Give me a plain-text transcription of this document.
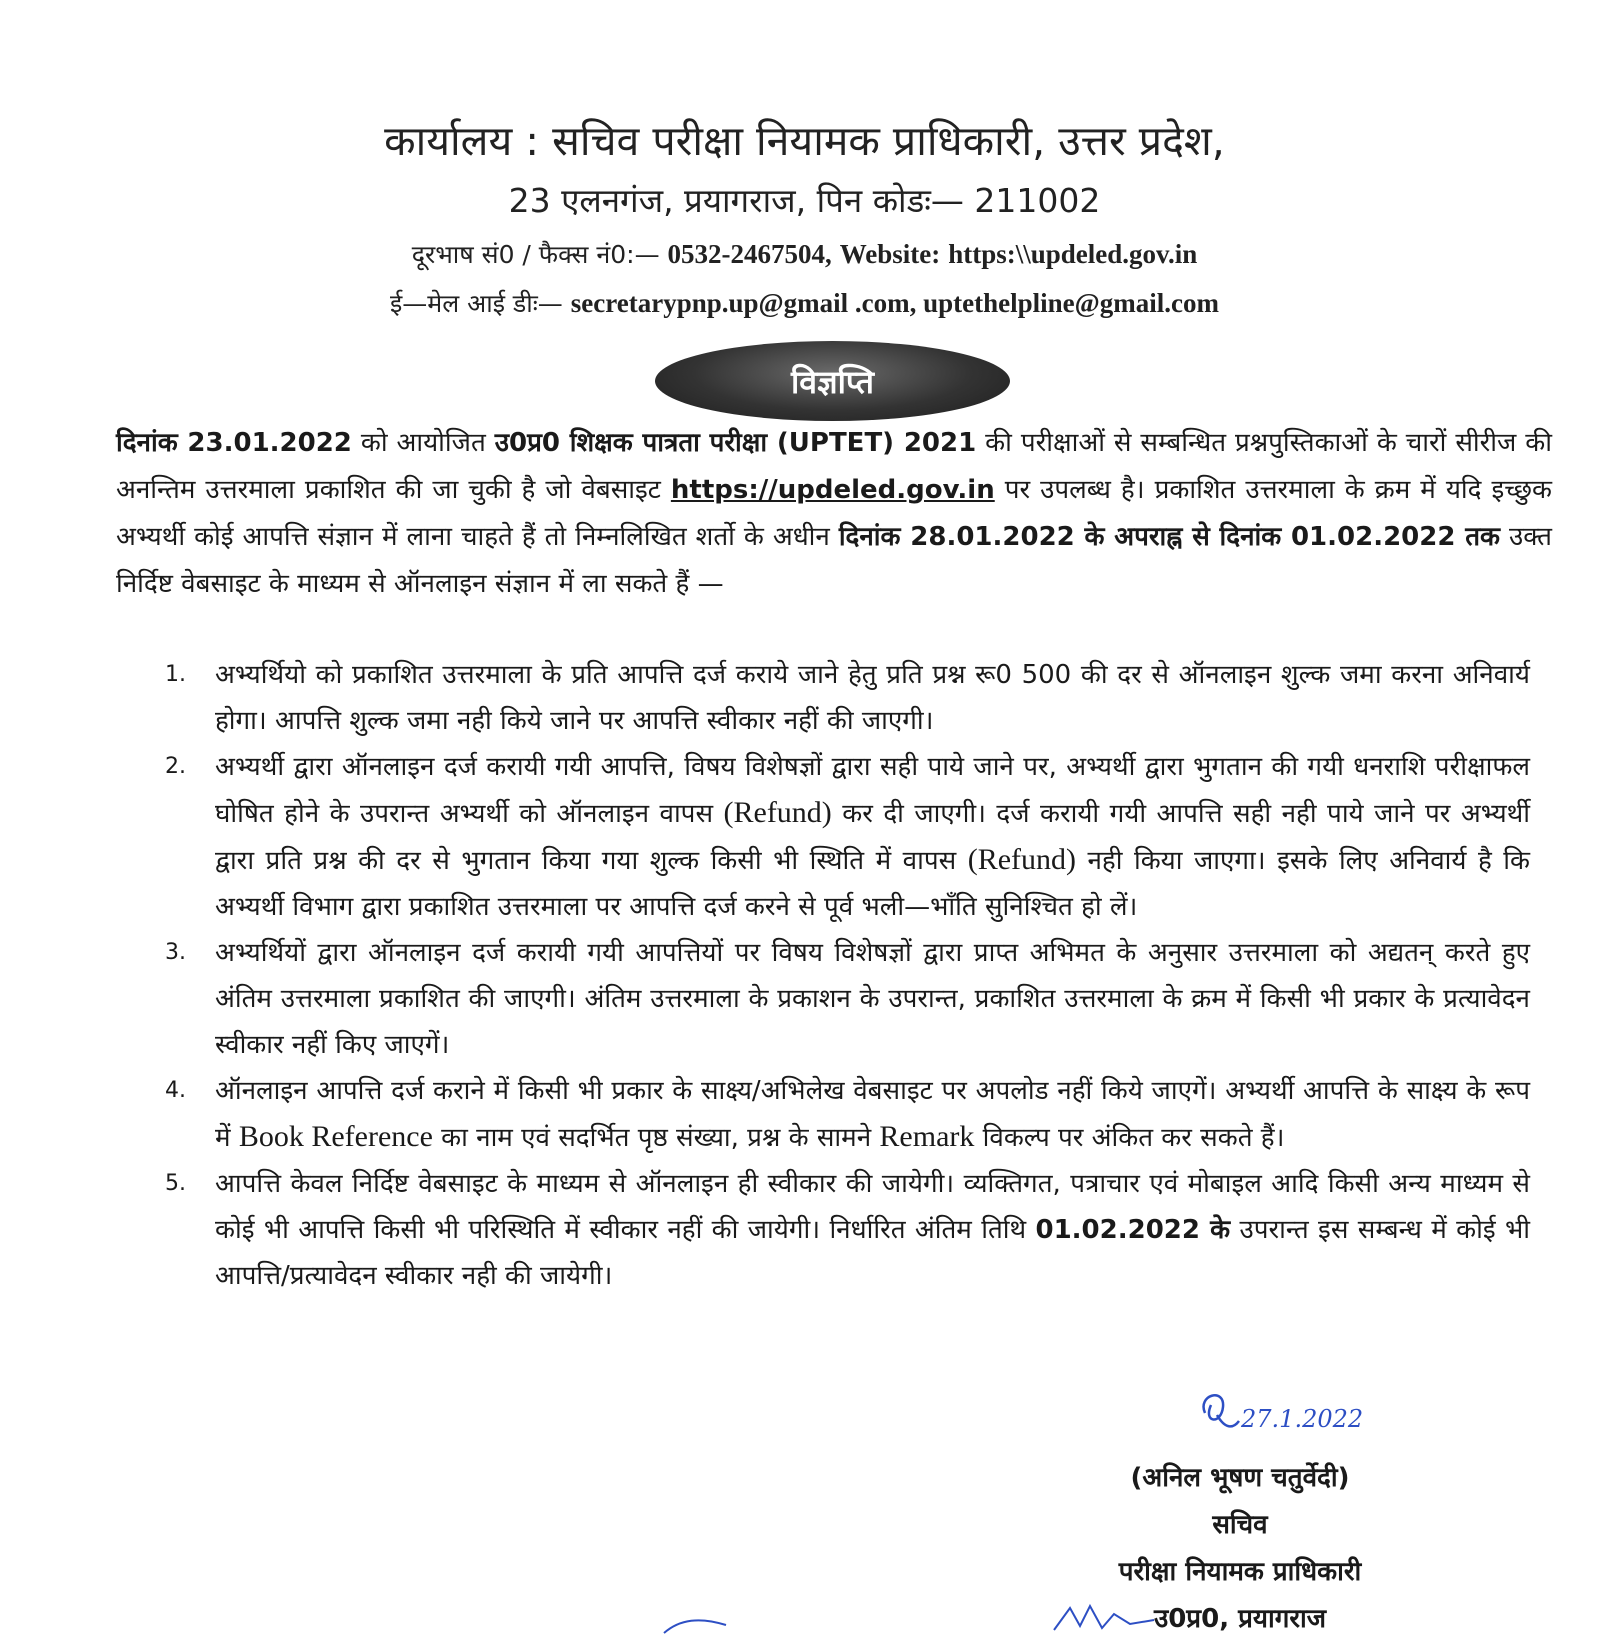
कार्यालय : सचिव परीक्षा नियामक प्राधिकारी, उत्तर प्रदेश,
23 एलनगंज, प्रयागराज, पिन कोडः— 211002
दूरभाष सं0 / फैक्स नं0:— 0532-2467504, Website: https:\\updeled.gov.in
ई—मेल आई डीः— secretarypnp.up@gmail .com, uptethelpline@gmail.com
विज्ञप्ति
दिनांक 23.01.2022 को आयोजित उ0प्र0 शिक्षक पात्रता परीक्षा (UPTET) 2021 की परीक्षाओं से सम्बन्धित प्रश्नपुस्तिकाओं के चारों सीरीज की अनन्तिम उत्तरमाला प्रकाशित की जा चुकी है जो वेबसाइट https://updeled.gov.in पर उपलब्ध है। प्रकाशित उत्तरमाला के क्रम में यदि इच्छुक अभ्यर्थी कोई आपत्ति संज्ञान में लाना चाहते हैं तो निम्नलिखित शर्तो के अधीन दिनांक 28.01.2022 के अपराह्न से दिनांक 01.02.2022 तक उक्त निर्दिष्ट वेबसाइट के माध्यम से ऑनलाइन संज्ञान में ला सकते हैं —
1. अभ्यर्थियो को प्रकाशित उत्तरमाला के प्रति आपत्ति दर्ज कराये जाने हेतु प्रति प्रश्न रू0 500 की दर से ऑनलाइन शुल्क जमा करना अनिवार्य होगा। आपत्ति शुल्क जमा नही किये जाने पर आपत्ति स्वीकार नहीं की जाएगी।
2. अभ्यर्थी द्वारा ऑनलाइन दर्ज करायी गयी आपत्ति, विषय विशेषज्ञों द्वारा सही पाये जाने पर, अभ्यर्थी द्वारा भुगतान की गयी धनराशि परीक्षाफल घोषित होने के उपरान्त अभ्यर्थी को ऑनलाइन वापस (Refund) कर दी जाएगी। दर्ज करायी गयी आपत्ति सही नही पाये जाने पर अभ्यर्थी द्वारा प्रति प्रश्न की दर से भुगतान किया गया शुल्क किसी भी स्थिति में वापस (Refund) नही किया जाएगा। इसके लिए अनिवार्य है कि अभ्यर्थी विभाग द्वारा प्रकाशित उत्तरमाला पर आपत्ति दर्ज करने से पूर्व भली—भाँति सुनिश्चित हो लें।
3. अभ्यर्थियों द्वारा ऑनलाइन दर्ज करायी गयी आपत्तियों पर विषय विशेषज्ञों द्वारा प्राप्त अभिमत के अनुसार उत्तरमाला को अद्यतन् करते हुए अंतिम उत्तरमाला प्रकाशित की जाएगी। अंतिम उत्तरमाला के प्रकाशन के उपरान्त, प्रकाशित उत्तरमाला के क्रम में किसी भी प्रकार के प्रत्यावेदन स्वीकार नहीं किए जाएगें।
4. ऑनलाइन आपत्ति दर्ज कराने में किसी भी प्रकार के साक्ष्य/अभिलेख वेबसाइट पर अपलोड नहीं किये जाएगें। अभ्यर्थी आपत्ति के साक्ष्य के रूप में Book Reference का नाम एवं सदर्भित पृष्ठ संख्या, प्रश्न के सामने Remark विकल्प पर अंकित कर सकते हैं।
5. आपत्ति केवल निर्दिष्ट वेबसाइट के माध्यम से ऑनलाइन ही स्वीकार की जायेगी। व्यक्तिगत, पत्राचार एवं मोबाइल आदि किसी अन्य माध्यम से कोई भी आपत्ति किसी भी परिस्थिति में स्वीकार नहीं की जायेगी। निर्धारित अंतिम तिथि 01.02.2022 के उपरान्त इस सम्बन्ध में कोई भी आपत्ति/प्रत्यावेदन स्वीकार नही की जायेगी।
27.1.2022
(अनिल भूषण चतुर्वेदी)
सचिव
परीक्षा नियामक प्राधिकारी
उ0प्र0, प्रयागराज
